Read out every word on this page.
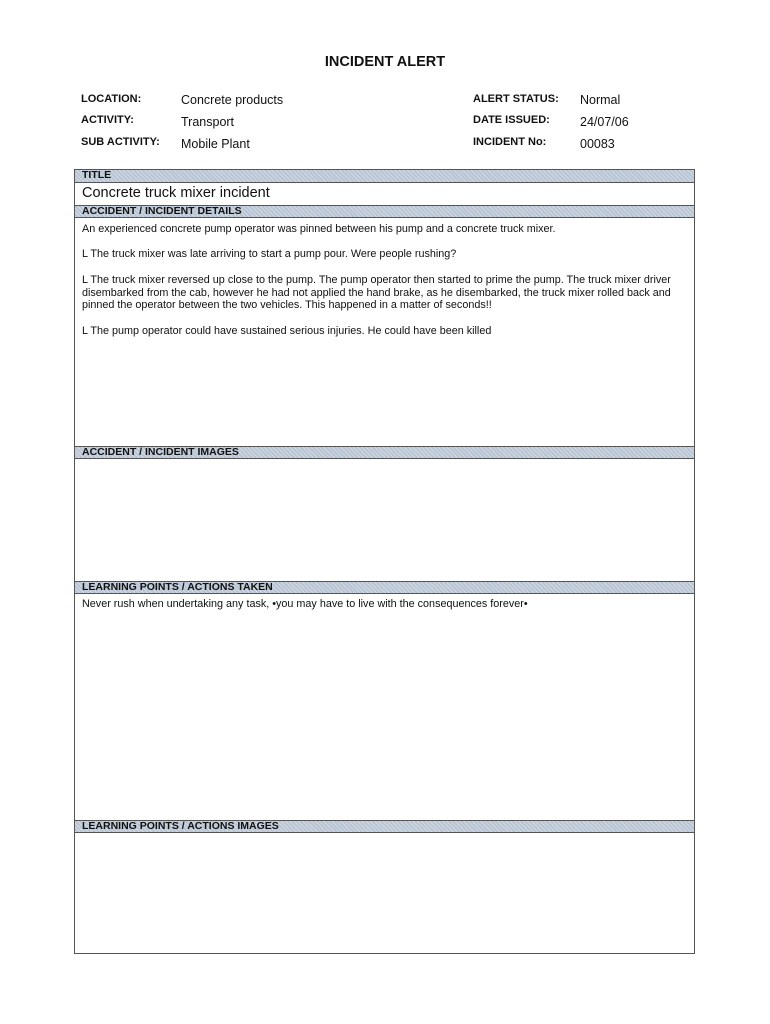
INCIDENT ALERT
LOCATION:	Concrete products
ACTIVITY:	Transport
SUB ACTIVITY: Mobile Plant
ALERT STATUS: Normal
DATE ISSUED: 24/07/06
INCIDENT No:	00083
TITLE
Concrete truck mixer incident
ACCIDENT / INCIDENT DETAILS
An experienced concrete pump operator was pinned between his pump and a concrete truck mixer.
L The truck mixer was late arriving to start a pump pour. Were people rushing?
L The truck mixer reversed up close to the pump. The pump operator then started to prime the pump. The truck mixer driver disembarked from the cab, however he had not applied the hand brake, as he disembarked, the truck mixer rolled back and pinned the operator between the two vehicles. This happened in a matter of seconds!!
L The pump operator could have sustained serious injuries. He could have been killed
ACCIDENT / INCIDENT IMAGES
LEARNING POINTS / ACTIONS TAKEN
Never rush when undertaking any task, •you may have to live with the consequences forever•
LEARNING POINTS / ACTIONS IMAGES
